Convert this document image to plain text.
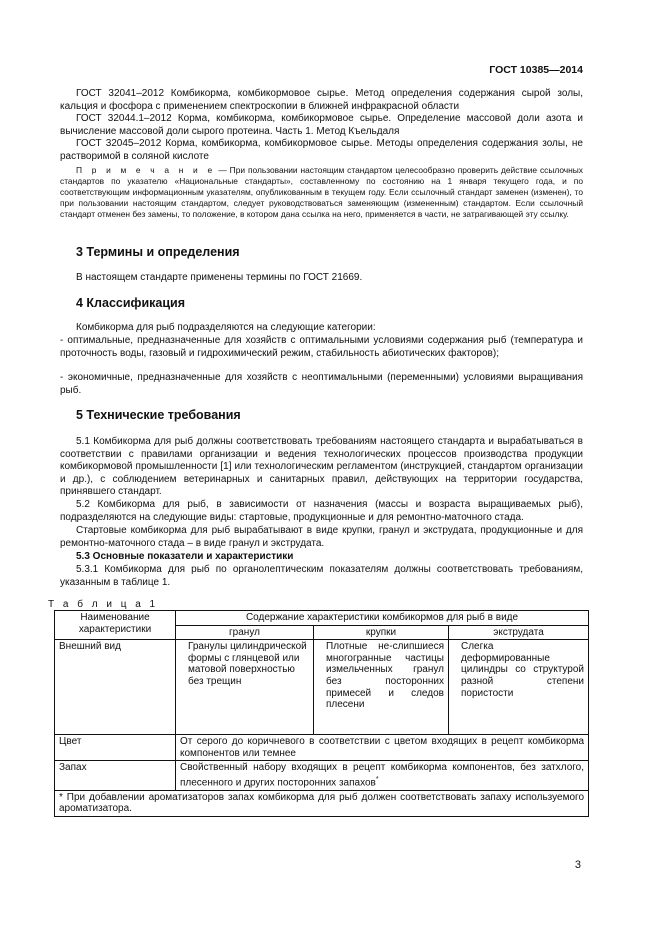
ГОСТ 10385—2014

ГОСТ 32041–2012 Комбикорма, комбикормовое сырье. Метод определения содержания сырой золы, кальция и фосфора с применением спектроскопии в ближней инфракрасной области

ГОСТ 32044.1–2012 Корма, комбикорма, комбикормовое сырье. Определение массовой доли азота и вычисление массовой доли сырого протеина. Часть 1. Метод Къельдаля

ГОСТ 32045–2012 Корма, комбикорма, комбикормовое сырье. Методы определения содержания золы, не растворимой в соляной кислоте

П р и м е ч а н и е — При пользовании настоящим стандартом целесообразно проверить действие ссылочных стандартов по указателю «Национальные стандарты», составленному по состоянию на 1 января текущего года, и по соответствующим информационным указателям, опубликованным в текущем году. Если ссылочный стандарт заменен (изменен), то при пользовании настоящим стандартом, следует руководствоваться заменяющим (измененным) стандартом. Если ссылочный стандарт отменен без замены, то положение, в котором дана ссылка на него, применяется в части, не затрагивающей эту ссылку.

3 Термины и определения

В настоящем стандарте применены термины по ГОСТ 21669.

4 Классификация

Комбикорма для рыб подразделяются на следующие категории:

- оптимальные, предназначенные для хозяйств с оптимальными условиями содержания рыб (температура и проточность воды, газовый и гидрохимический режим, стабильность абиотических факторов);

- экономичные, предназначенные для хозяйств с неоптимальными (переменными) условиями выращивания рыб.

5 Технические требования

5.1 Комбикорма для рыб должны соответствовать требованиям настоящего стандарта и вырабатываться в соответствии с правилами организации и ведения технологических процессов производства продукции комбикормовой промышленности [1] или технологическим регламентом (инструкцией, стандартом организации и др.), с соблюдением ветеринарных и санитарных правил, действующих на территории государства, принявшего стандарт.

5.2 Комбикорма для рыб, в зависимости от назначения (массы и возраста выращиваемых рыб), подразделяются на следующие виды: стартовые, продукционные и для ремонтно-маточного стада.

Стартовые комбикорма для рыб вырабатывают в виде крупки, гранул и экструдата, продукционные и для ремонтно-маточного стада – в виде гранул и экструдата.

5.3 Основные показатели и характеристики

5.3.1 Комбикорма для рыб по органолептическим показателям должны соответствовать требованиям, указанным в таблице 1.

Т а б л и ц а 1
Наименование характеристики	Содержание характеристики комбикормов для рыб в виде		
	гранул	крупки	экструдата
Внешний вид	Гранулы цилиндрической формы с глянцевой или матовой поверхностью без трещин	Плотные не-слипшиеся многогранные частицы измельченных гранул без посторонних примесей и следов плесени	Слегка деформированные цилиндры со структурой разной степени пористости
Цвет	От серого до коричневого в соответствии с цветом входящих в рецепт комбикорма компонентов или темнее		
Запах	Свойственный набору входящих в рецепт комбикорма компонентов, без затхлого, плесенного и других посторонних запахов*
* При добавлении ароматизаторов запах комбикорма для рыб должен соответствовать запаху используемого ароматизатора.			
3
